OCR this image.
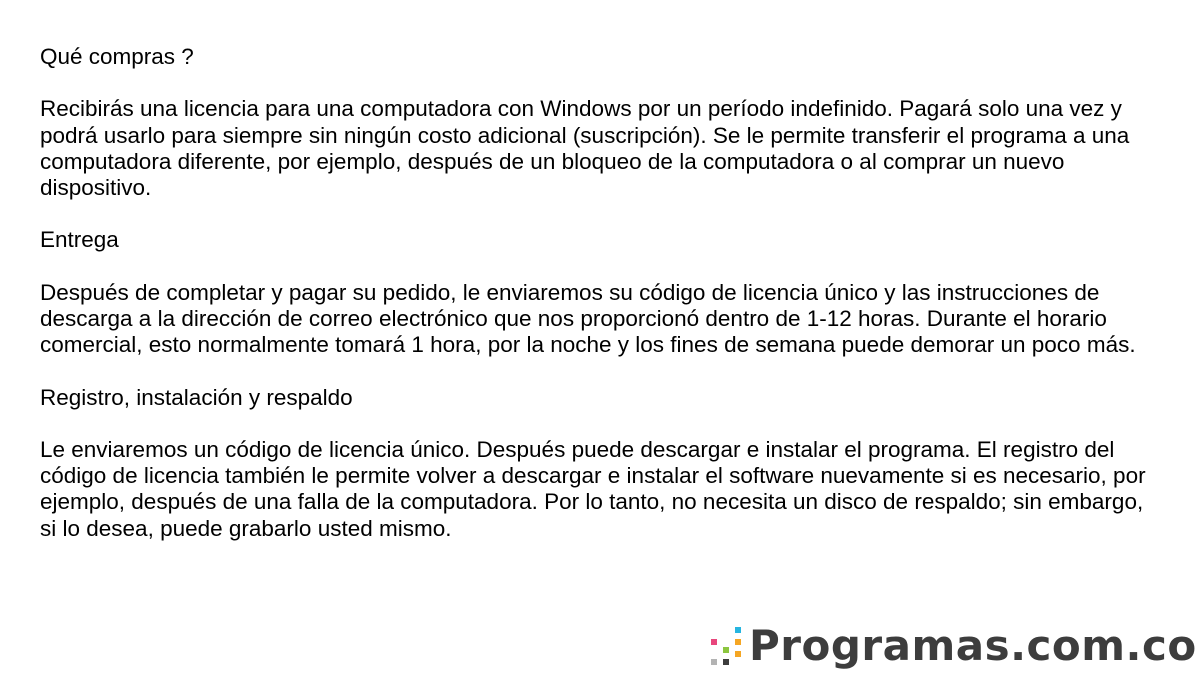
Qué compras ?

Recibirás una licencia para una computadora con Windows por un período indefinido. Pagará solo una vez y podrá usarlo para siempre sin ningún costo adicional (suscripción). Se le permite transferir el programa a una computadora diferente, por ejemplo, después de un bloqueo de la computadora o al comprar un nuevo dispositivo.

Entrega

Después de completar y pagar su pedido, le enviaremos su código de licencia único y las instrucciones de descarga a la dirección de correo electrónico que nos proporcionó dentro de 1-12 horas. Durante el horario comercial, esto normalmente tomará 1 hora, por la noche y los fines de semana puede demorar un poco más.

Registro, instalación y respaldo

Le enviaremos un código de licencia único. Después puede descargar e instalar el programa. El registro del código de licencia también le permite volver a descargar e instalar el software nuevamente si es necesario, por ejemplo, después de una falla de la computadora. Por lo tanto, no necesita un disco de respaldo; sin embargo, si lo desea, puede grabarlo usted mismo.

Programas.com.co
